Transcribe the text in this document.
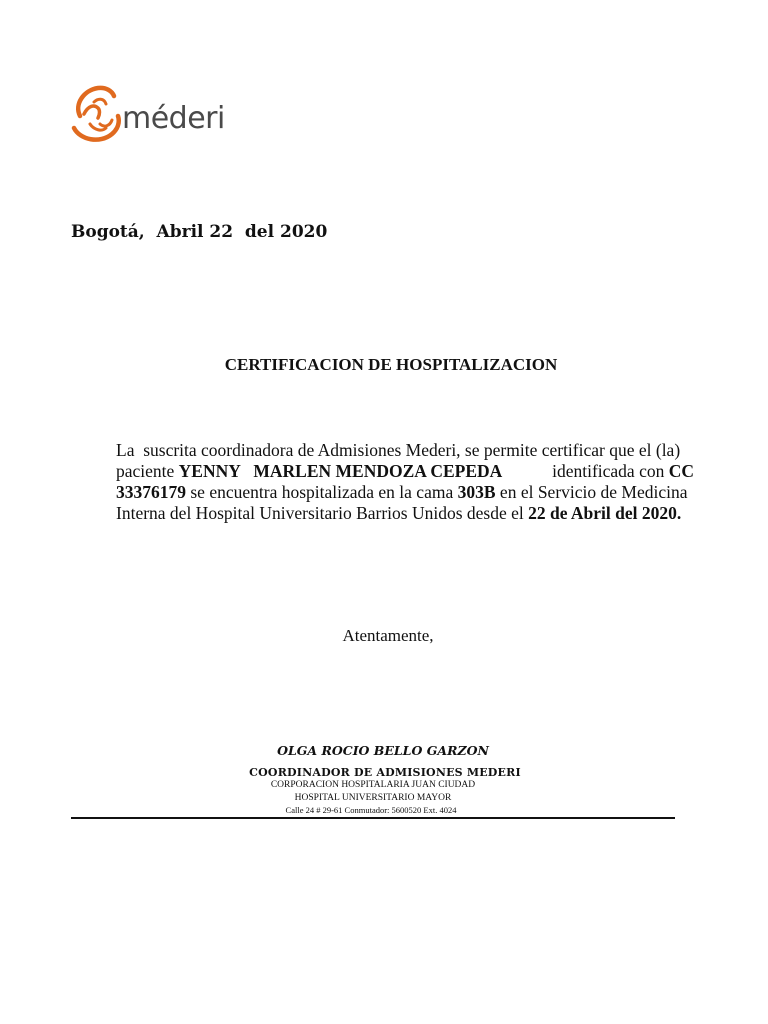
méderi
Bogotá,  Abril 22  del 2020
CERTIFICACION DE HOSPITALIZACION
La  suscrita coordinadora de Admisiones Mederi, se permite certificar que el (la)
paciente YENNY   MARLEN MENDOZA CEPEDA	identificada con CC
33376179 se encuentra hospitalizada en la cama 303B en el Servicio de Medicina
Interna del Hospital Universitario Barrios Unidos desde el 22 de Abril del 2020.
Atentamente,
OLGA ROCIO BELLO GARZON
COORDINADOR DE ADMISIONES MEDERI
CORPORACION HOSPITALARIA JUAN CIUDAD
HOSPITAL UNIVERSITARIO MAYOR
Calle 24 # 29-61 Conmutador: 5600520 Ext. 4024
